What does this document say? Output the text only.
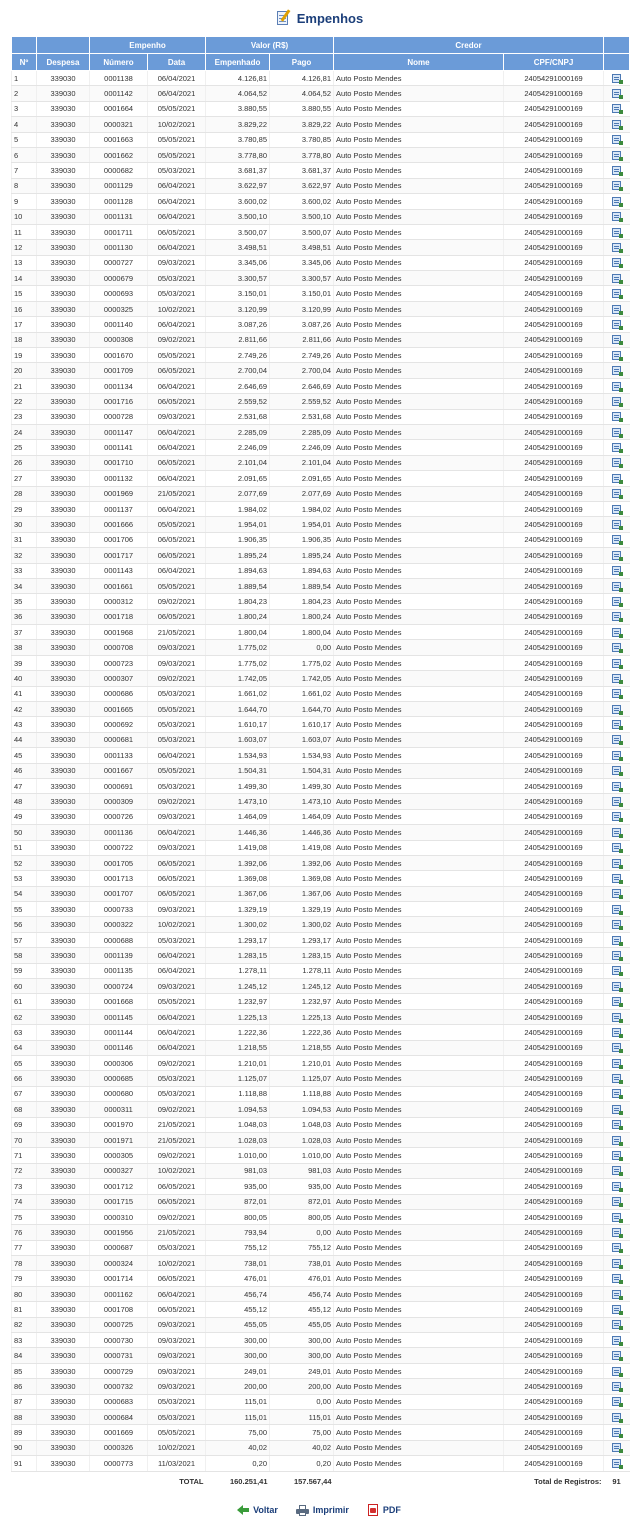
Empenhos
		Empenho		Valor (R$)		Credor		
Nº	Despesa	Número	Data	Empenhado	Pago	Nome	CPF/CNPJ	
1	339030	0001138	06/04/2021	4.126,81	4.126,81	Auto Posto Mendes	24054291000169	

2	339030	0001142	06/04/2021	4.064,52	4.064,52	Auto Posto Mendes	24054291000169	

3	339030	0001664	05/05/2021	3.880,55	3.880,55	Auto Posto Mendes	24054291000169	

4	339030	0000321	10/02/2021	3.829,22	3.829,22	Auto Posto Mendes	24054291000169	

5	339030	0001663	05/05/2021	3.780,85	3.780,85	Auto Posto Mendes	24054291000169	

6	339030	0001662	05/05/2021	3.778,80	3.778,80	Auto Posto Mendes	24054291000169	

7	339030	0000682	05/03/2021	3.681,37	3.681,37	Auto Posto Mendes	24054291000169	

8	339030	0001129	06/04/2021	3.622,97	3.622,97	Auto Posto Mendes	24054291000169	

9	339030	0001128	06/04/2021	3.600,02	3.600,02	Auto Posto Mendes	24054291000169	

10	339030	0001131	06/04/2021	3.500,10	3.500,10	Auto Posto Mendes	24054291000169	

11	339030	0001711	06/05/2021	3.500,07	3.500,07	Auto Posto Mendes	24054291000169	

12	339030	0001130	06/04/2021	3.498,51	3.498,51	Auto Posto Mendes	24054291000169	

13	339030	0000727	09/03/2021	3.345,06	3.345,06	Auto Posto Mendes	24054291000169	

14	339030	0000679	05/03/2021	3.300,57	3.300,57	Auto Posto Mendes	24054291000169	

15	339030	0000693	05/03/2021	3.150,01	3.150,01	Auto Posto Mendes	24054291000169	

16	339030	0000325	10/02/2021	3.120,99	3.120,99	Auto Posto Mendes	24054291000169	

17	339030	0001140	06/04/2021	3.087,26	3.087,26	Auto Posto Mendes	24054291000169	

18	339030	0000308	09/02/2021	2.811,66	2.811,66	Auto Posto Mendes	24054291000169	

19	339030	0001670	05/05/2021	2.749,26	2.749,26	Auto Posto Mendes	24054291000169	

20	339030	0001709	06/05/2021	2.700,04	2.700,04	Auto Posto Mendes	24054291000169	

21	339030	0001134	06/04/2021	2.646,69	2.646,69	Auto Posto Mendes	24054291000169	

22	339030	0001716	06/05/2021	2.559,52	2.559,52	Auto Posto Mendes	24054291000169	

23	339030	0000728	09/03/2021	2.531,68	2.531,68	Auto Posto Mendes	24054291000169	

24	339030	0001147	06/04/2021	2.285,09	2.285,09	Auto Posto Mendes	24054291000169	

25	339030	0001141	06/04/2021	2.246,09	2.246,09	Auto Posto Mendes	24054291000169	

26	339030	0001710	06/05/2021	2.101,04	2.101,04	Auto Posto Mendes	24054291000169	

27	339030	0001132	06/04/2021	2.091,65	2.091,65	Auto Posto Mendes	24054291000169	

28	339030	0001969	21/05/2021	2.077,69	2.077,69	Auto Posto Mendes	24054291000169	

29	339030	0001137	06/04/2021	1.984,02	1.984,02	Auto Posto Mendes	24054291000169	

30	339030	0001666	05/05/2021	1.954,01	1.954,01	Auto Posto Mendes	24054291000169	

31	339030	0001706	06/05/2021	1.906,35	1.906,35	Auto Posto Mendes	24054291000169	

32	339030	0001717	06/05/2021	1.895,24	1.895,24	Auto Posto Mendes	24054291000169	

33	339030	0001143	06/04/2021	1.894,63	1.894,63	Auto Posto Mendes	24054291000169	

34	339030	0001661	05/05/2021	1.889,54	1.889,54	Auto Posto Mendes	24054291000169	

35	339030	0000312	09/02/2021	1.804,23	1.804,23	Auto Posto Mendes	24054291000169	

36	339030	0001718	06/05/2021	1.800,24	1.800,24	Auto Posto Mendes	24054291000169	

37	339030	0001968	21/05/2021	1.800,04	1.800,04	Auto Posto Mendes	24054291000169	

38	339030	0000708	09/03/2021	1.775,02	0,00	Auto Posto Mendes	24054291000169	

39	339030	0000723	09/03/2021	1.775,02	1.775,02	Auto Posto Mendes	24054291000169	

40	339030	0000307	09/02/2021	1.742,05	1.742,05	Auto Posto Mendes	24054291000169	

41	339030	0000686	05/03/2021	1.661,02	1.661,02	Auto Posto Mendes	24054291000169	

42	339030	0001665	05/05/2021	1.644,70	1.644,70	Auto Posto Mendes	24054291000169	

43	339030	0000692	05/03/2021	1.610,17	1.610,17	Auto Posto Mendes	24054291000169	

44	339030	0000681	05/03/2021	1.603,07	1.603,07	Auto Posto Mendes	24054291000169	

45	339030	0001133	06/04/2021	1.534,93	1.534,93	Auto Posto Mendes	24054291000169	

46	339030	0001667	05/05/2021	1.504,31	1.504,31	Auto Posto Mendes	24054291000169	

47	339030	0000691	05/03/2021	1.499,30	1.499,30	Auto Posto Mendes	24054291000169	

48	339030	0000309	09/02/2021	1.473,10	1.473,10	Auto Posto Mendes	24054291000169	

49	339030	0000726	09/03/2021	1.464,09	1.464,09	Auto Posto Mendes	24054291000169	

50	339030	0001136	06/04/2021	1.446,36	1.446,36	Auto Posto Mendes	24054291000169	

51	339030	0000722	09/03/2021	1.419,08	1.419,08	Auto Posto Mendes	24054291000169	

52	339030	0001705	06/05/2021	1.392,06	1.392,06	Auto Posto Mendes	24054291000169	

53	339030	0001713	06/05/2021	1.369,08	1.369,08	Auto Posto Mendes	24054291000169	

54	339030	0001707	06/05/2021	1.367,06	1.367,06	Auto Posto Mendes	24054291000169	

55	339030	0000733	09/03/2021	1.329,19	1.329,19	Auto Posto Mendes	24054291000169	

56	339030	0000322	10/02/2021	1.300,02	1.300,02	Auto Posto Mendes	24054291000169	

57	339030	0000688	05/03/2021	1.293,17	1.293,17	Auto Posto Mendes	24054291000169	

58	339030	0001139	06/04/2021	1.283,15	1.283,15	Auto Posto Mendes	24054291000169	

59	339030	0001135	06/04/2021	1.278,11	1.278,11	Auto Posto Mendes	24054291000169	

60	339030	0000724	09/03/2021	1.245,12	1.245,12	Auto Posto Mendes	24054291000169	

61	339030	0001668	05/05/2021	1.232,97	1.232,97	Auto Posto Mendes	24054291000169	

62	339030	0001145	06/04/2021	1.225,13	1.225,13	Auto Posto Mendes	24054291000169	

63	339030	0001144	06/04/2021	1.222,36	1.222,36	Auto Posto Mendes	24054291000169	

64	339030	0001146	06/04/2021	1.218,55	1.218,55	Auto Posto Mendes	24054291000169	

65	339030	0000306	09/02/2021	1.210,01	1.210,01	Auto Posto Mendes	24054291000169	

66	339030	0000685	05/03/2021	1.125,07	1.125,07	Auto Posto Mendes	24054291000169	

67	339030	0000680	05/03/2021	1.118,88	1.118,88	Auto Posto Mendes	24054291000169	

68	339030	0000311	09/02/2021	1.094,53	1.094,53	Auto Posto Mendes	24054291000169	

69	339030	0001970	21/05/2021	1.048,03	1.048,03	Auto Posto Mendes	24054291000169	

70	339030	0001971	21/05/2021	1.028,03	1.028,03	Auto Posto Mendes	24054291000169	

71	339030	0000305	09/02/2021	1.010,00	1.010,00	Auto Posto Mendes	24054291000169	

72	339030	0000327	10/02/2021	981,03	981,03	Auto Posto Mendes	24054291000169	

73	339030	0001712	06/05/2021	935,00	935,00	Auto Posto Mendes	24054291000169	

74	339030	0001715	06/05/2021	872,01	872,01	Auto Posto Mendes	24054291000169	

75	339030	0000310	09/02/2021	800,05	800,05	Auto Posto Mendes	24054291000169	

76	339030	0001956	21/05/2021	793,94	0,00	Auto Posto Mendes	24054291000169	

77	339030	0000687	05/03/2021	755,12	755,12	Auto Posto Mendes	24054291000169	

78	339030	0000324	10/02/2021	738,01	738,01	Auto Posto Mendes	24054291000169	

79	339030	0001714	06/05/2021	476,01	476,01	Auto Posto Mendes	24054291000169	

80	339030	0001162	06/04/2021	456,74	456,74	Auto Posto Mendes	24054291000169	

81	339030	0001708	06/05/2021	455,12	455,12	Auto Posto Mendes	24054291000169	

82	339030	0000725	09/03/2021	455,05	455,05	Auto Posto Mendes	24054291000169	

83	339030	0000730	09/03/2021	300,00	300,00	Auto Posto Mendes	24054291000169	

84	339030	0000731	09/03/2021	300,00	300,00	Auto Posto Mendes	24054291000169	

85	339030	0000729	09/03/2021	249,01	249,01	Auto Posto Mendes	24054291000169	

86	339030	0000732	09/03/2021	200,00	200,00	Auto Posto Mendes	24054291000169	

87	339030	0000683	05/03/2021	115,01	0,00	Auto Posto Mendes	24054291000169	

88	339030	0000684	05/03/2021	115,01	115,01	Auto Posto Mendes	24054291000169	

89	339030	0001669	05/05/2021	75,00	75,00	Auto Posto Mendes	24054291000169	

90	339030	0000326	10/02/2021	40,02	40,02	Auto Posto Mendes	24054291000169	

91	339030	0000773	11/03/2021	0,20	0,20	Auto Posto Mendes	24054291000169	

TOTAL				160.251,41	157.567,44		Total de Registros:	91
Voltar	Imprimir	PDF
